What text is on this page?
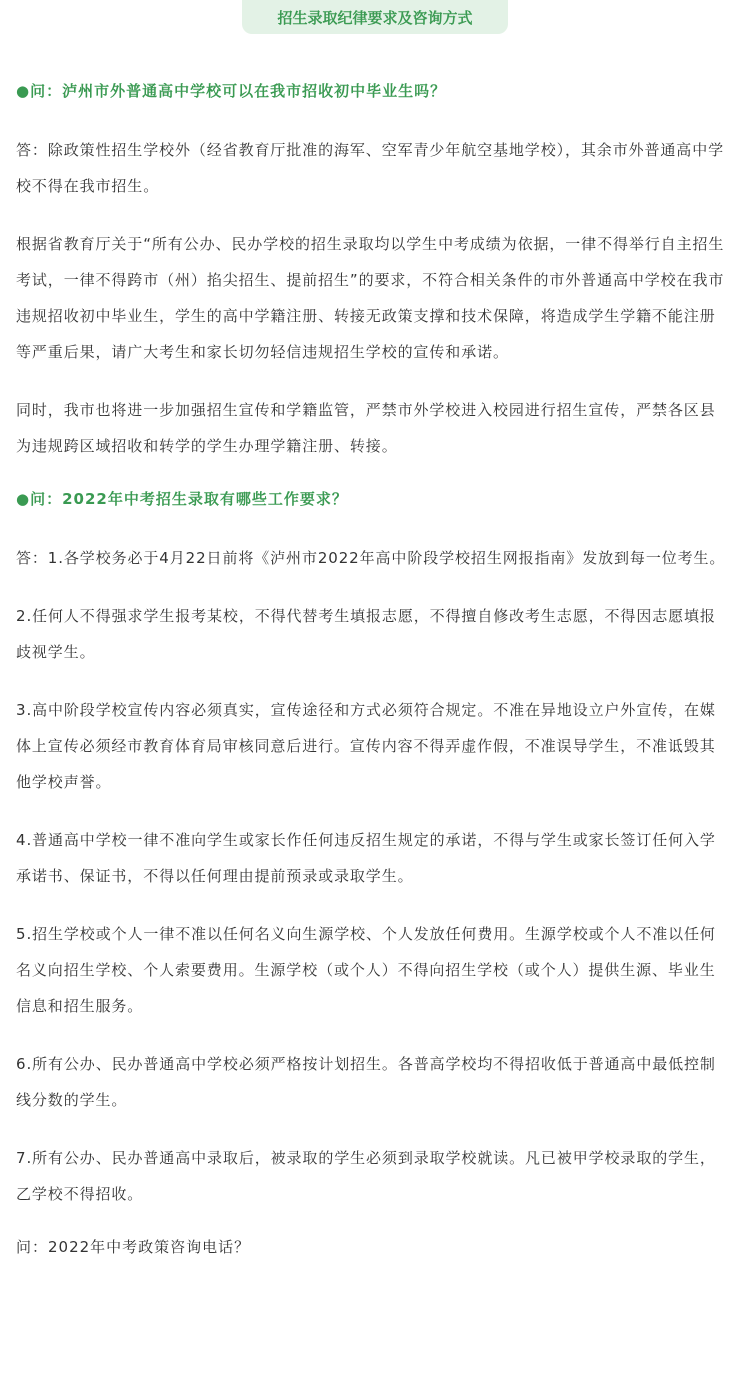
招生录取纪律要求及咨询方式
●问：泸州市外普通高中学校可以在我市招收初中毕业生吗？
答：除政策性招生学校外（经省教育厅批准的海军、空军青少年航空基地学校），其余市外普通高中学校不得在我市招生。
根据省教育厅关于“所有公办、民办学校的招生录取均以学生中考成绩为依据，一律不得举行自主招生考试，一律不得跨市（州）掐尖招生、提前招生”的要求，不符合相关条件的市外普通高中学校在我市违规招收初中毕业生，学生的高中学籍注册、转接无政策支撑和技术保障，将造成学生学籍不能注册等严重后果，请广大考生和家长切勿轻信违规招生学校的宣传和承诺。
同时，我市也将进一步加强招生宣传和学籍监管，严禁市外学校进入校园进行招生宣传，严禁各区县为违规跨区域招收和转学的学生办理学籍注册、转接。
●问：2022年中考招生录取有哪些工作要求？
答：1.各学校务必于4月22日前将《泸州市2022年高中阶段学校招生网报指南》发放到每一位考生。
2.任何人不得强求学生报考某校，不得代替考生填报志愿，不得擅自修改考生志愿，不得因志愿填报歧视学生。
3.高中阶段学校宣传内容必须真实，宣传途径和方式必须符合规定。不准在异地设立户外宣传，在媒体上宣传必须经市教育体育局审核同意后进行。宣传内容不得弄虚作假，不准误导学生，不准诋毁其他学校声誉。
4.普通高中学校一律不准向学生或家长作任何违反招生规定的承诺，不得与学生或家长签订任何入学承诺书、保证书，不得以任何理由提前预录或录取学生。
5.招生学校或个人一律不准以任何名义向生源学校、个人发放任何费用。生源学校或个人不准以任何名义向招生学校、个人索要费用。生源学校（或个人）不得向招生学校（或个人）提供生源、毕业生信息和招生服务。
6.所有公办、民办普通高中学校必须严格按计划招生。各普高学校均不得招收低于普通高中最低控制线分数的学生。
7.所有公办、民办普通高中录取后，被录取的学生必须到录取学校就读。凡已被甲学校录取的学生，乙学校不得招收。
问：2022年中考政策咨询电话？
